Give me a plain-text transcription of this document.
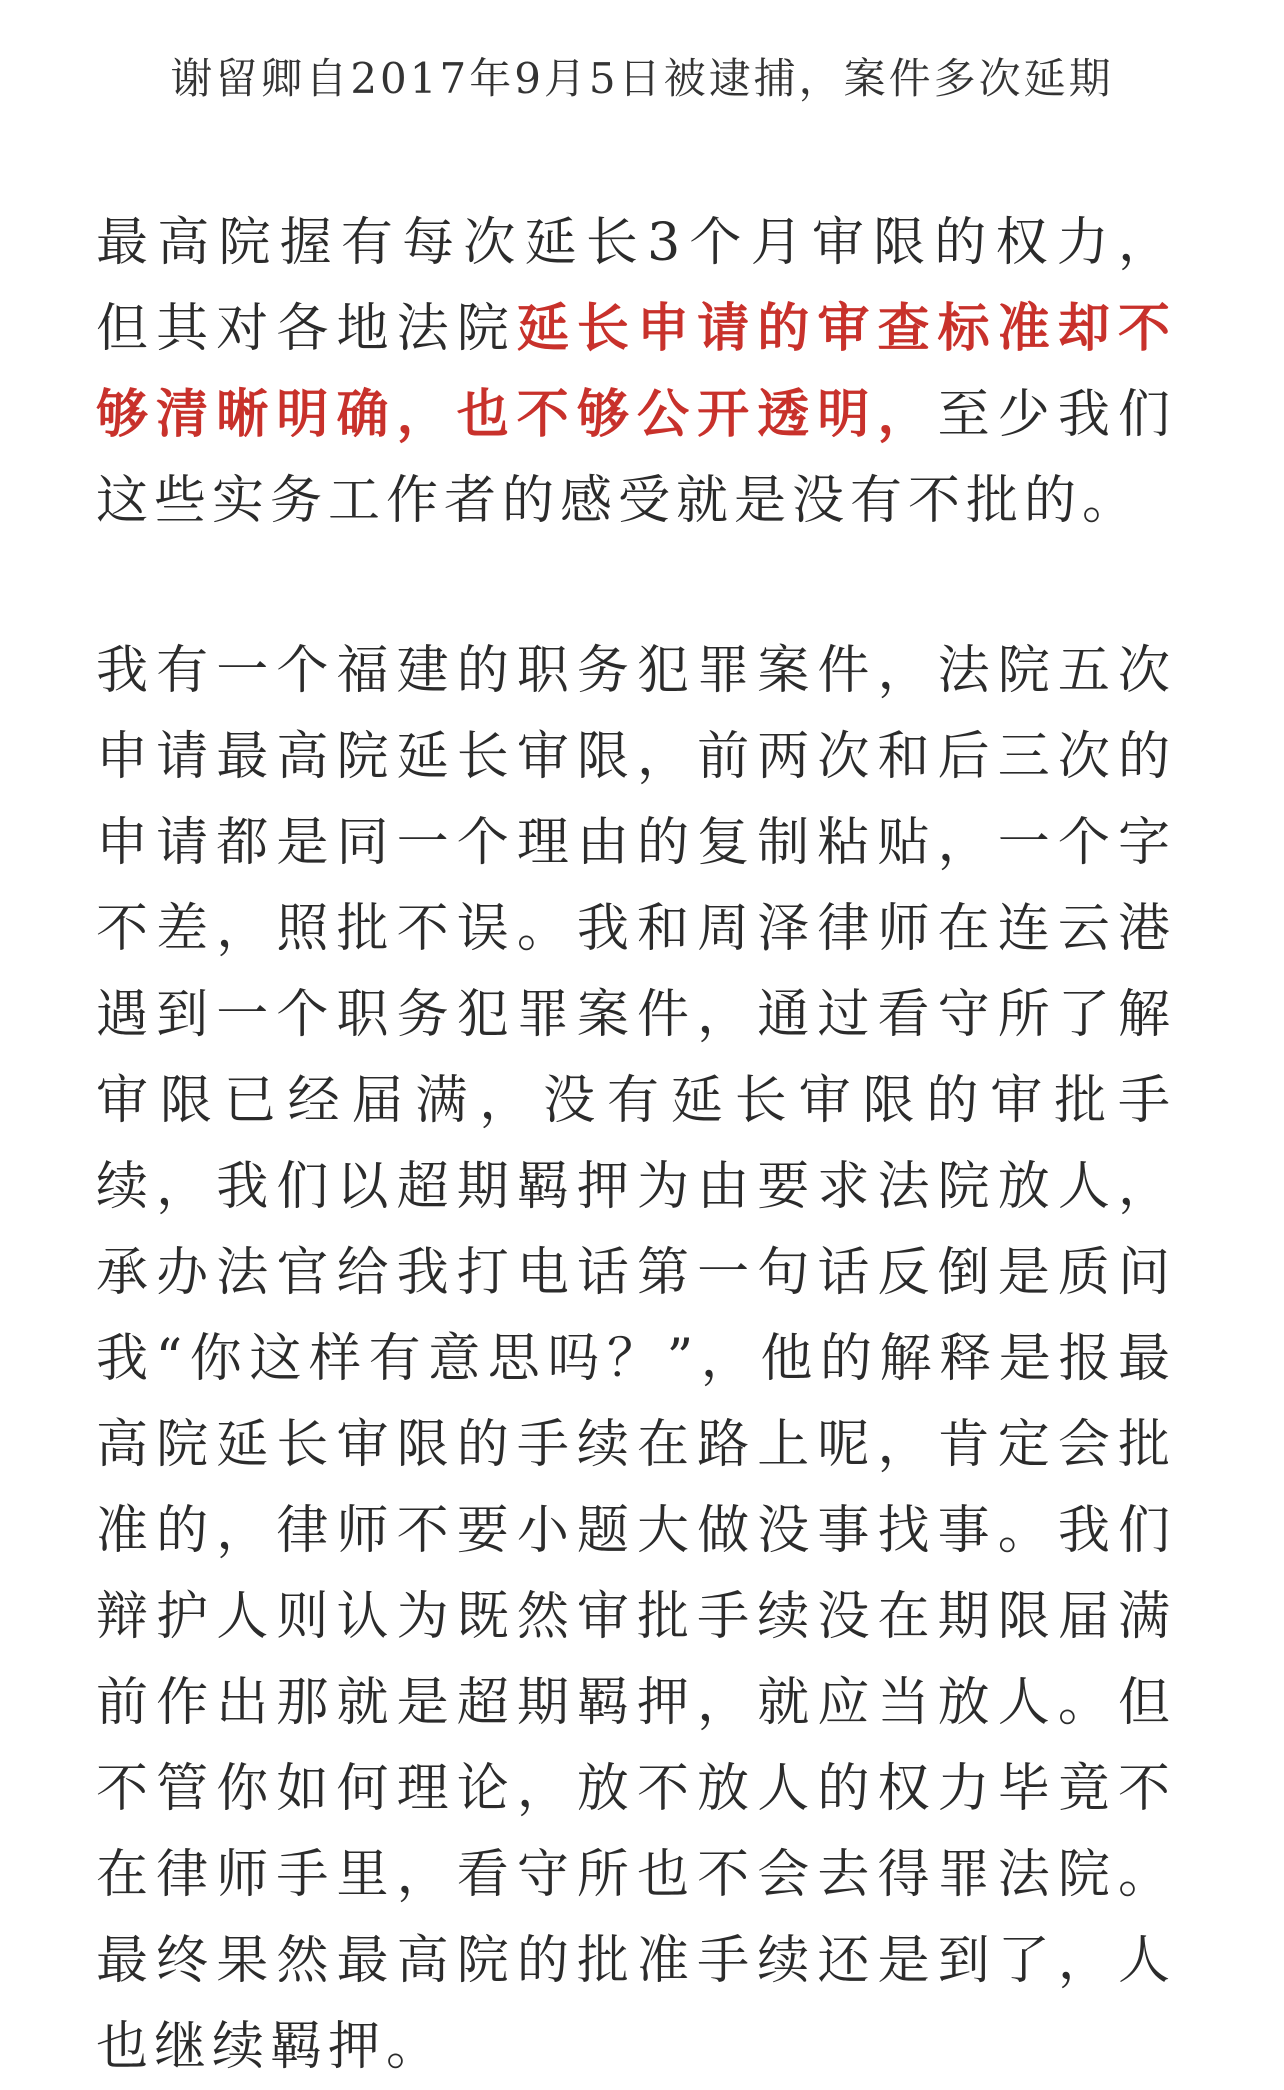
谢留卿自2017年9月5日被逮捕，案件多次延期

最高院握有每次延长3个月审限的权力，但其对各地法院延长申请的审查标准却不够清晰明确，也不够公开透明，至少我们这些实务工作者的感受就是没有不批的。

我有一个福建的职务犯罪案件，法院五次申请最高院延长审限，前两次和后三次的申请都是同一个理由的复制粘贴，一个字不差，照批不误。我和周泽律师在连云港遇到一个职务犯罪案件，通过看守所了解审限已经届满，没有延长审限的审批手续，我们以超期羁押为由要求法院放人，承办法官给我打电话第一句话反倒是质问我“你这样有意思吗？”，他的解释是报最高院延长审限的手续在路上呢，肯定会批准的，律师不要小题大做没事找事。我们辩护人则认为既然审批手续没在期限届满前作出那就是超期羁押，就应当放人。但不管你如何理论，放不放人的权力毕竟不在律师手里，看守所也不会去得罪法院。最终果然最高院的批准手续还是到了，人也继续羁押。
